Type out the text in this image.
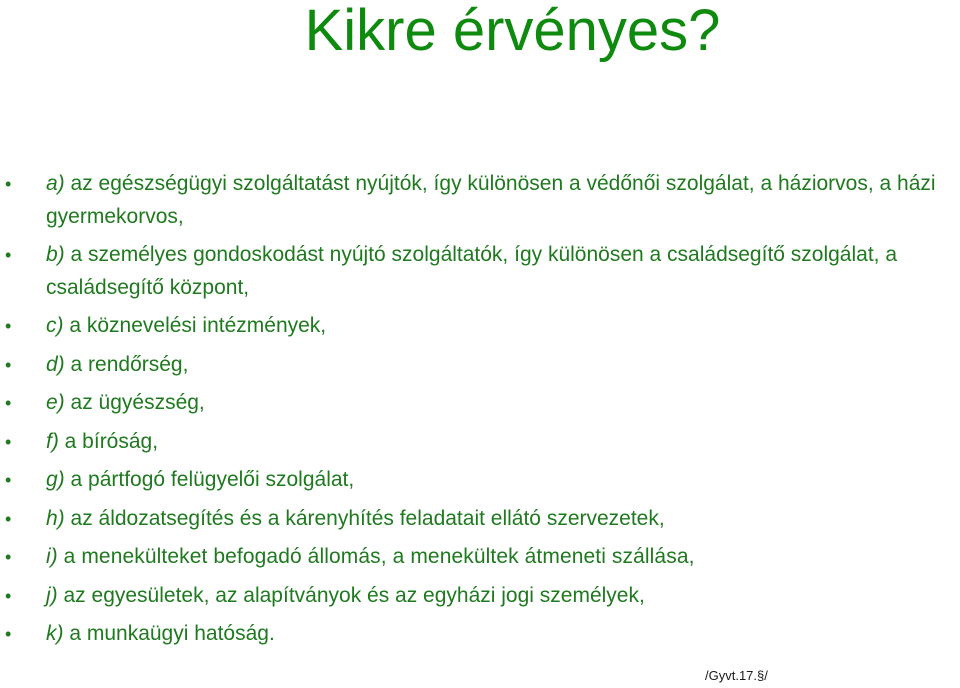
Kikre érvényes?
• a) az egészségügyi szolgáltatást nyújtók, így különösen a védőnői szolgálat, a háziorvos, a házi gyermekorvos,
• b) a személyes gondoskodást nyújtó szolgáltatók, így különösen a családsegítő szolgálat, a családsegítő központ,
• c) a köznevelési intézmények,
• d) a rendőrség,
• e) az ügyészség,
• f) a bíróság,
• g) a pártfogó felügyelői szolgálat,
• h) az áldozatsegítés és a kárenyhítés feladatait ellátó szervezetek,
• i) a menekülteket befogadó állomás, a menekültek átmeneti szállása,
• j) az egyesületek, az alapítványok és az egyházi jogi személyek,
• k) a munkaügyi hatóság.
/Gyvt.17.§/
